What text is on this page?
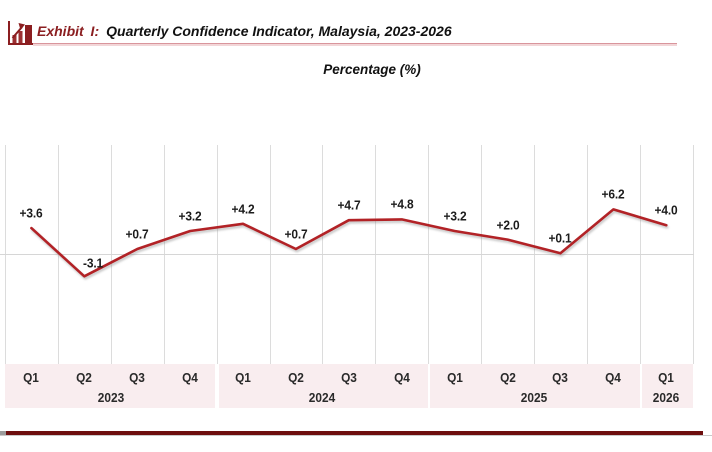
Exhibit I: Quarterly Confidence Indicator, Malaysia, 2023-2026
Percentage (%)
+3.6
-3.1
+0.7
+3.2 +4.2
+0.7
+4.7 +4.8
+3.2
+2.0
+0.1
+6.2
+4.0
Q1	Q2	Q3	Q4
2023
Q1	Q2	Q3	Q4
2024
Q1	Q2	Q3	Q4
2025
Q1
2026
